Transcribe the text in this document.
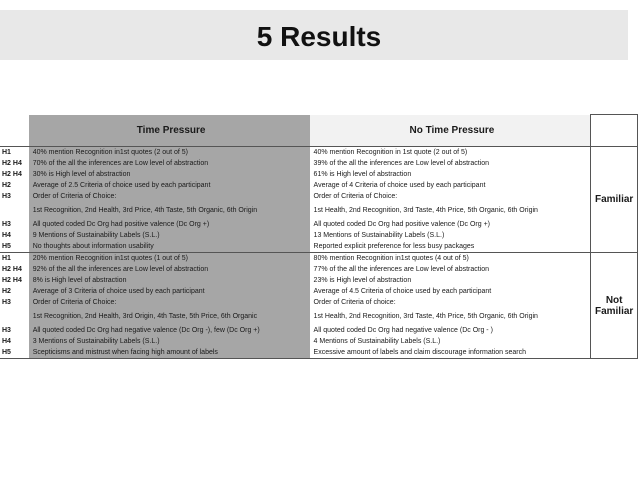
5 Results
	Time Pressure	No Time Pressure	
H1	40% mention Recognition in1st quotes (2 out of 5)	40% mention Recognition in 1st quote (2 out of 5)	Familiar
H2 H4	70% of the all the inferences are Low level of abstraction	39% of the all the inferences are Low level of abstraction	
H2 H4	30% is High level of abstraction	61% is High level of abstraction	
H2	Average of 2.5 Criteria of choice used by each participant	Average of 4 Criteria of choice used by each participant	
H3	Order of Criteria of Choice:	Order of Criteria of Choice:	
	1st Recognition, 2nd Health, 3rd Price, 4th Taste, 5th Organic, 6th Origin	1st Health, 2nd Recognition, 3rd Taste, 4th Price, 5th Organic, 6th Origin	
H3	All quoted coded Dc Org had positive valence (Dc Org +)	All quoted coded Dc Org had positive valence (Dc Org +)	
H4	9 Mentions of Sustainability Labels (S.L.)	13 Mentions of Sustainability Labels (S.L.)	
H5	No thoughts about information usability	Reported explicit preference for less busy packages	
H1	20% mention Recognition in1st quotes (1 out of 5)	80% mention Recognition in1st quotes (4 out of 5)	Not Familiar
H2 H4	92% of the all the inferences are Low level of abstraction	77% of the all the inferences are Low level of abstraction	
H2 H4	8% is High level of abstraction	23% is High level of abstraction	
H2	Average of 3 Criteria of choice used by each participant	Average of 4.5 Criteria of choice used by each participant	
H3	Order of Criteria of Choice:	Order of Criteria of choice:	
	1st Recognition, 2nd Health, 3rd Origin, 4th Taste, 5th Price, 6th Organic	1st Health, 2nd Recognition, 3rd Taste, 4th Price, 5th Organic, 6th Origin	
H3	All quoted coded Dc Org had negative valence (Dc Org -), few (Dc Org +)	All quoted coded Dc Org had negative valence (Dc Org - )	
H4	3 Mentions of Sustainability Labels (S.L.)	4 Mentions of Sustainability Labels (S.L.)	
H5	Scepticisms and mistrust when facing high amount of labels	Excessive amount of labels and claim discourage information search	
